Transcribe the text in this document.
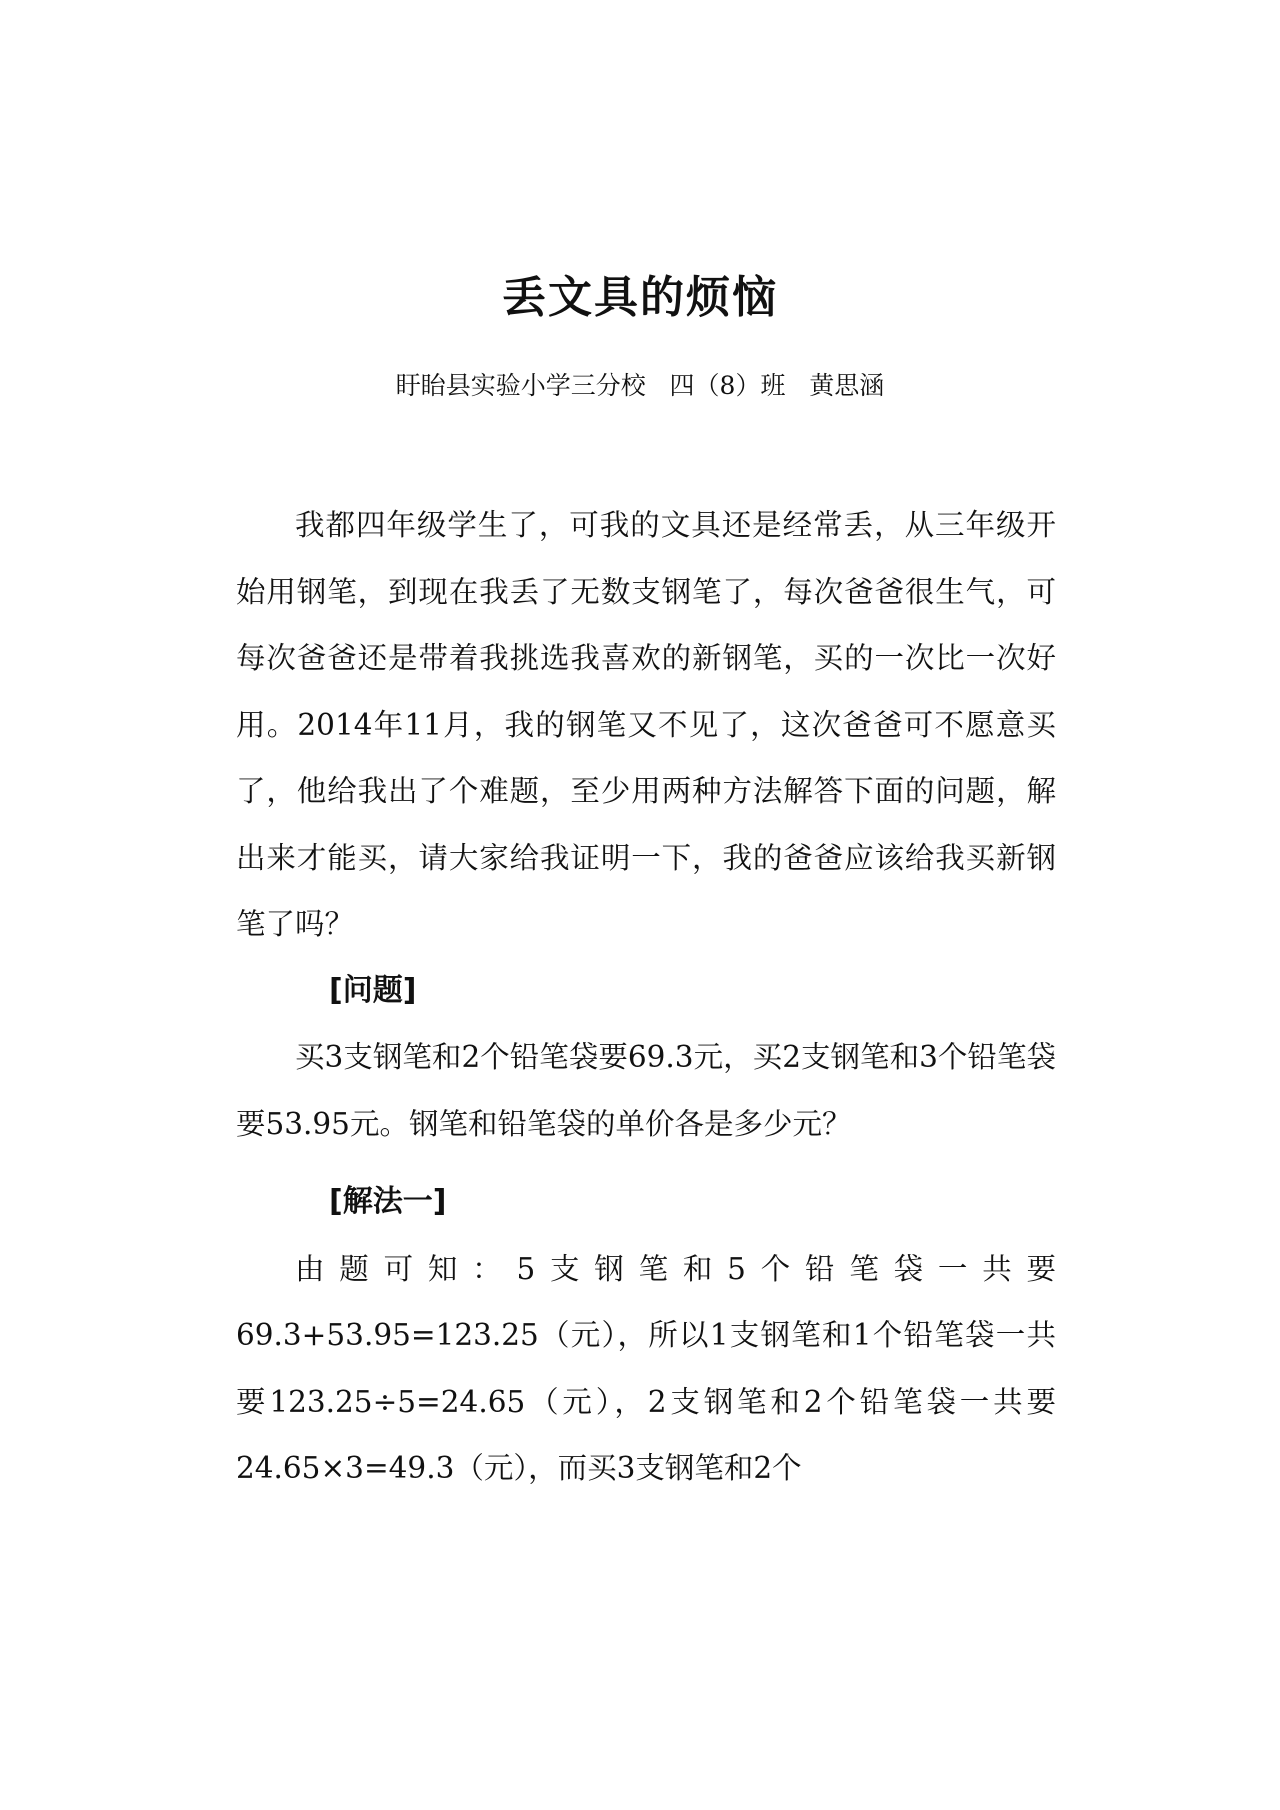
丢文具的烦恼
盱眙县实验小学三分校   四（8）班   黄思涵

我都四年级学生了，可我的文具还是经常丢，从三年级开始用钢笔，到现在我丢了无数支钢笔了，每次爸爸很生气，可每次爸爸还是带着我挑选我喜欢的新钢笔，买的一次比一次好用。2014年11月，我的钢笔又不见了，这次爸爸可不愿意买了，他给我出了个难题，至少用两种方法解答下面的问题，解出来才能买，请大家给我证明一下，我的爸爸应该给我买新钢笔了吗？

[问题]

买3支钢笔和2个铅笔袋要69.3元，买2支钢笔和3个铅笔袋要53.95元。钢笔和铅笔袋的单价各是多少元？

[解法一]

由题可知：5支钢笔和5个铅笔袋一共要69.3+53.95=123.25（元），所以1支钢笔和1个铅笔袋一共要123.25÷5=24.65（元），2支钢笔和2个铅笔袋一共要24.65×3=49.3（元），而买3支钢笔和2个
